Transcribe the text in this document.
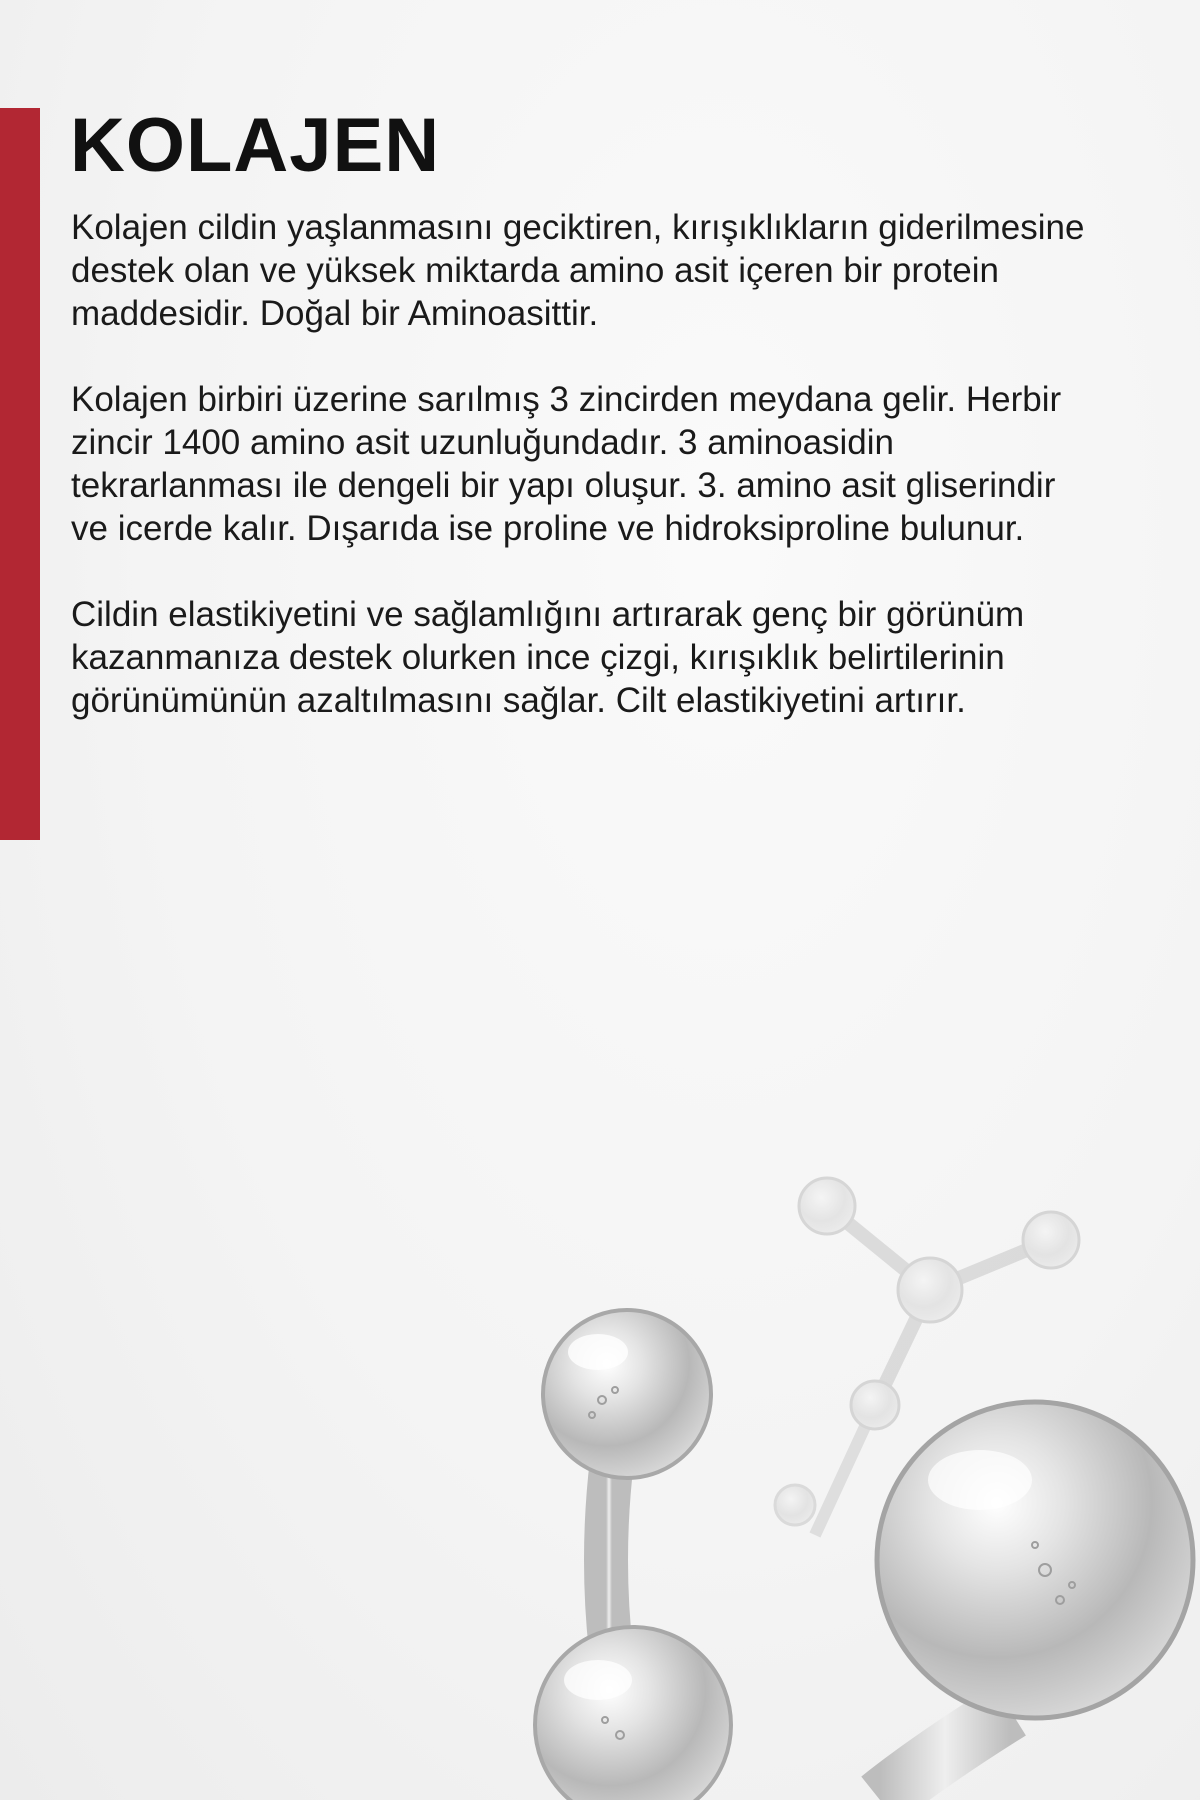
KOLAJEN

Kolajen cildin yaşlanmasını geciktiren, kırışıklıkların giderilmesine destek olan ve yüksek miktarda amino asit içeren bir protein maddesidir. Doğal bir Aminoasittir.

Kolajen birbiri üzerine sarılmış 3 zincirden meydana gelir. Herbir zincir 1400 amino asit uzunluğundadır. 3 aminoasidin tekrarlanması ile dengeli bir yapı oluşur. 3. amino asit gliserindir ve icerde kalır. Dışarıda ise proline ve hidroksiproline bulunur.

Cildin elastikiyetini ve sağlamlığını artırarak genç bir görünüm kazanmanıza destek olurken ince çizgi, kırışıklık belirtilerinin görünümünün azaltılmasını sağlar. Cilt elastikiyetini artırır.
